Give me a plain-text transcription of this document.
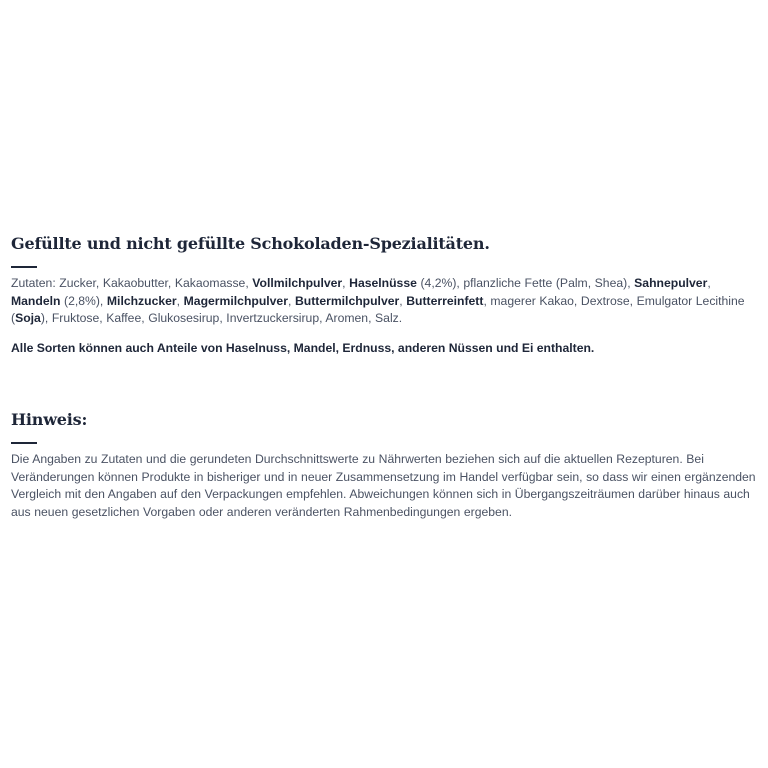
Gefüllte und nicht gefüllte Schokoladen-Spezialitäten.

Zutaten: Zucker, Kakaobutter, Kakaomasse, Vollmilchpulver, Haselnüsse (4,2%), pflanzliche Fette (Palm, Shea), Sahnepulver, Mandeln (2,8%), Milchzucker, Magermilchpulver, Buttermilchpulver, Butterreinfett, magerer Kakao, Dextrose, Emulgator Lecithine (Soja), Fruktose, Kaffee, Glukosesirup, Invertzuckersirup, Aromen, Salz.

Alle Sorten können auch Anteile von Haselnuss, Mandel, Erdnuss, anderen Nüssen und Ei enthalten.

Hinweis:

Die Angaben zu Zutaten und die gerundeten Durchschnittswerte zu Nährwerten beziehen sich auf die aktuellen Rezepturen. Bei Veränderungen können Produkte in bisheriger und in neuer Zusammensetzung im Handel verfügbar sein, so dass wir einen ergänzenden Vergleich mit den Angaben auf den Verpackungen empfehlen. Abweichungen können sich in Übergangszeiträumen darüber hinaus auch aus neuen gesetzlichen Vorgaben oder anderen veränderten Rahmenbedingungen ergeben.
